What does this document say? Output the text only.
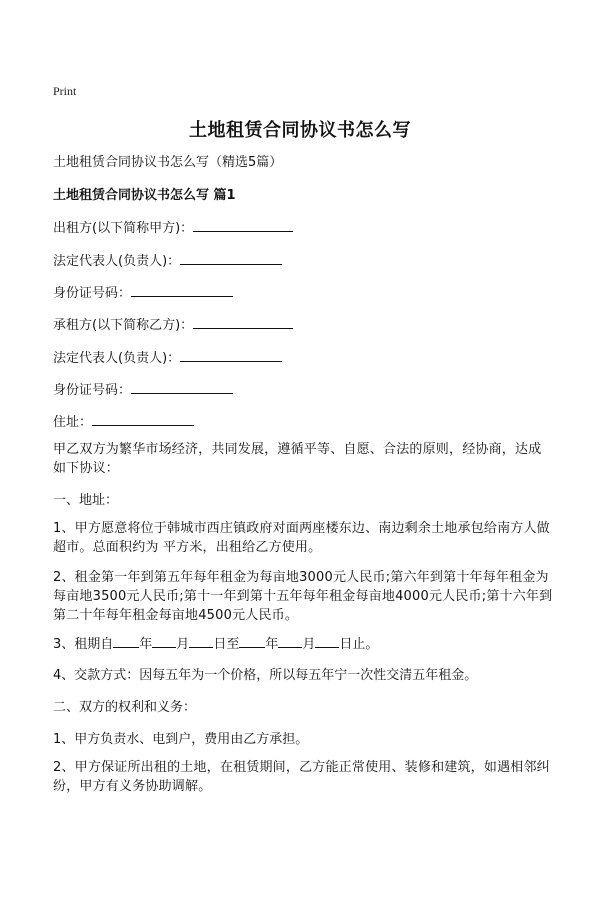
Print
土地租赁合同协议书怎么写
土地租赁合同协议书怎么写（精选5篇）
土地租赁合同协议书怎么写 篇1
出租方(以下简称甲方)：
法定代表人(负责人)：
身份证号码：
承租方(以下简称乙方)：
法定代表人(负责人)：
身份证号码：
住址：
甲乙双方为繁华市场经济，共同发展，遵循平等、自愿、合法的原则，经协商，达成如下协议：
一、地址：
1、甲方愿意将位于韩城市西庄镇政府对面两座楼东边、南边剩余土地承包给南方人做超市。总面积约为 平方米，出租给乙方使用。
2、租金第一年到第五年每年租金为每亩地3000元人民币;第六年到第十年每年租金为每亩地3500元人民币;第十一年到第十五年每年租金每亩地4000元人民币;第十六年到第二十年每年租金每亩地4500元人民币。
3、租期自 年 月 日至 年 月 日止。
4、交款方式：因每五年为一个价格，所以每五年宁一次性交清五年租金。
二、双方的权利和义务：
1、甲方负责水、电到户，费用由乙方承担。
2、甲方保证所出租的土地，在租赁期间，乙方能正常使用、装修和建筑，如遇相邻纠纷，甲方有义务协助调解。
